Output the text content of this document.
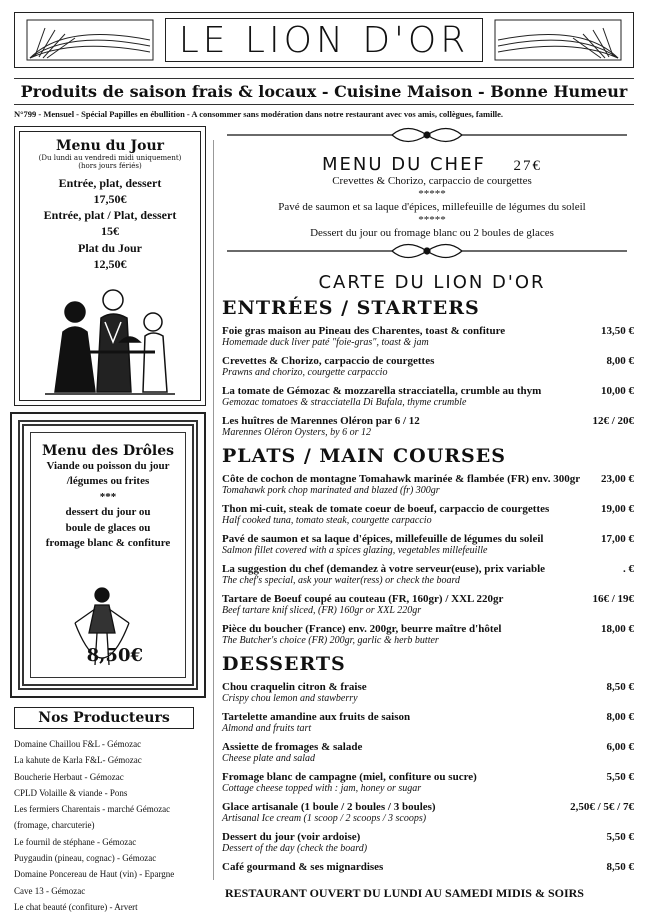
LE LION D'OR
Produits de saison frais & locaux - Cuisine Maison - Bonne Humeur
N°799 - Mensuel - Spécial Papilles en ébullition - A consommer sans modération dans notre restaurant avec vos amis, collègues, famille.
Menu du Jour
(Du lundi au vendredi midi uniquement)
(hors jours fériés)
Entrée, plat, dessert
17,50€
Entrée, plat / Plat, dessert
15€
Plat du Jour
12,50€
Menu des Drôles
Viande ou poisson du jour
/légumes ou frites
***
dessert du jour ou
boule de glaces ou
fromage blanc & confiture
8,50€
Nos Producteurs
Domaine Chaillou F&L - Gémozac
La kahute de Karla F&L- Gémozac
Boucherie Herbaut - Gémozac
CPLD Volaille & viande - Pons
Les fermiers Charentais - marché Gémozac
(fromage, charcuterie)
Le fournil de stéphane - Gémozac
Puygaudin (pineau, cognac) - Gémozac
Domaine Poncereau de Haut (vin) - Epargne
Cave 13 - Gémozac
Le chat beauté (confiture) - Arvert
MENU DU CHEF 27€
Crevettes & Chorizo, carpaccio de courgettes
*****
Pavé de saumon et sa laque d'épices, millefeuille de légumes du soleil
*****
Dessert du jour ou fromage blanc ou 2 boules de glaces
CARTE DU LION D'OR
ENTRÉES / STARTERS
Foie gras maison au Pineau des Charentes, toast & confiture
Homemade duck liver paté "foie-gras", toast & jam
13,50 €
Crevettes & Chorizo, carpaccio de courgettes
Prawns and chorizo, courgette carpaccio
8,00 €
La tomate de Gémozac & mozzarella stracciatella, crumble au thym
Gemozac tomatoes & stracciatella Di Bufala, thyme crumble
10,00 €
Les huîtres de Marennes Oléron par 6 / 12
Marennes Oléron Oysters, by 6 or 12
12€ / 20€
PLATS / MAIN COURSES
Côte de cochon de montagne Tomahawk marinée & flambée (FR) env. 300gr
Tomahawk pork chop marinated and blazed (fr) 300gr
23,00 €
Thon mi-cuit, steak de tomate coeur de boeuf, carpaccio de courgettes
Half cooked tuna, tomato steak, courgette carpaccio
19,00 €
Pavé de saumon et sa laque d'épices, millefeuille de légumes du soleil
Salmon fillet covered with a spices glazing, vegetables millefeuille
17,00 €
La suggestion du chef (demandez à votre serveur(euse), prix variable
The chef's special, ask your waiter(ress) or check the board
. €
Tartare de Boeuf coupé au couteau (FR, 160gr) / XXL 220gr
Beef tartare knif sliced, (FR) 160gr or XXL 220gr
16€ / 19€
Pièce du boucher (France) env. 200gr, beurre maître d'hôtel
The Butcher's choice (FR) 200gr, garlic & herb butter
18,00 €
DESSERTS
Chou craquelin citron & fraise
Crispy chou lemon and stawberry
8,50 €
Tartelette amandine aux fruits de saison
Almond and fruits tart
8,00 €
Assiette de fromages & salade
Cheese plate and salad
6,00 €
Fromage blanc de campagne (miel, confiture ou sucre)
Cottage cheese topped with : jam, honey or sugar
5,50 €
Glace artisanale (1 boule / 2 boules / 3 boules)
Artisanal Ice cream (1 scoop / 2 scoops / 3 scoops)
2,50€ / 5€ / 7€
Dessert du jour (voir ardoise)
Dessert of the day (check the board)
5,50 €
Café gourmand & ses mignardises	8,50 €
RESTAURANT OUVERT DU LUNDI AU SAMEDI MIDIS & SOIRS
